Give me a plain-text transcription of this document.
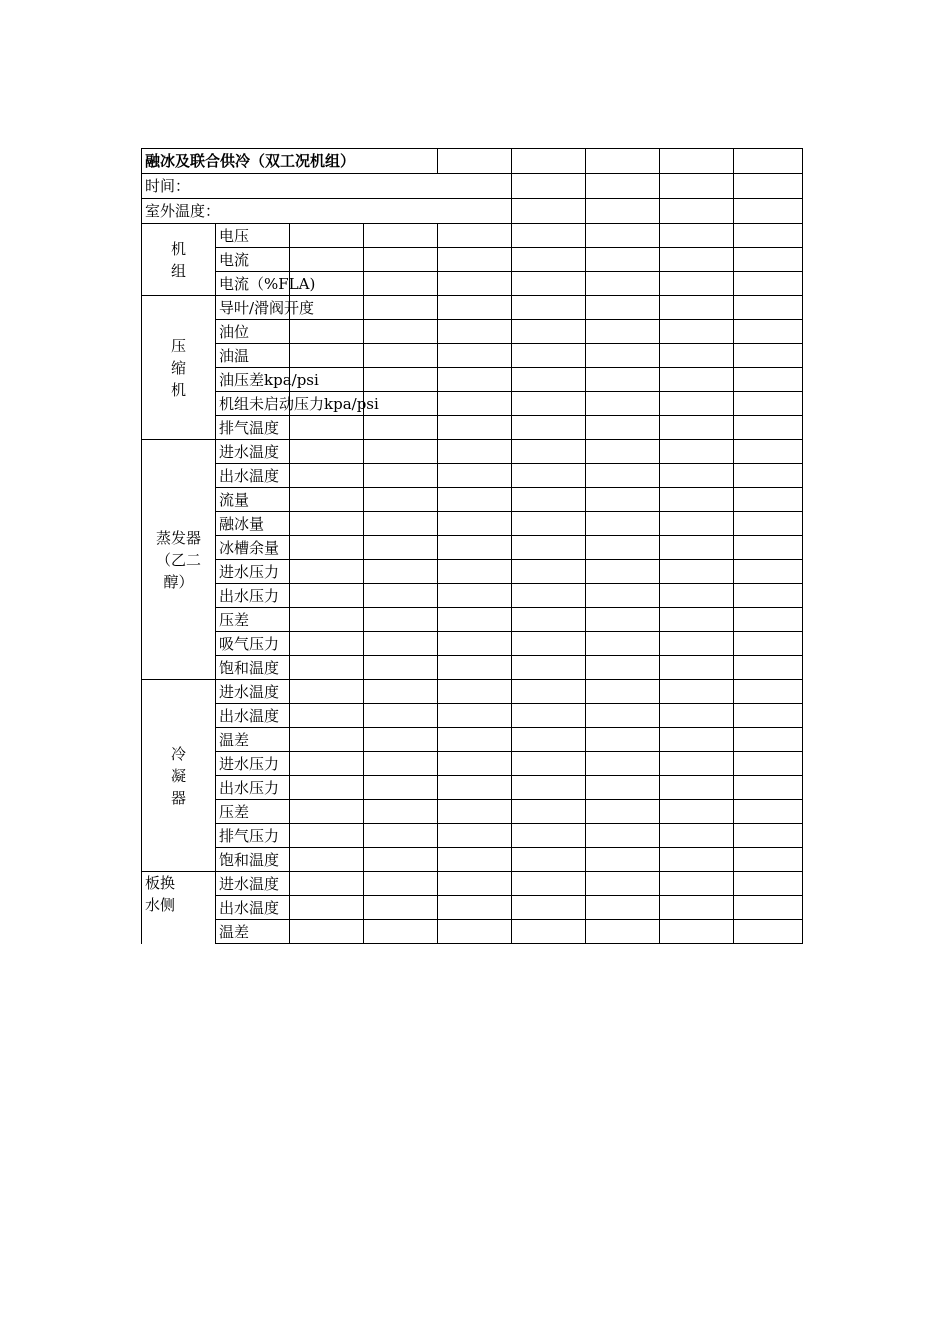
融冰及联合供冷（双工况机组）								
时间：								
室外温度：								

机
组	电压							

	电流							

	电流（%FLA)							

压
缩
机	导叶/滑阀开度							

	油位							

	油温							

	油压差kpa/psi							

	机组未启动压力kpa/psi							

	排气温度							

蒸发器
（乙二
醇）	进水温度							

	出水温度							

	流量							

	融冰量							

	冰槽余量							

	进水压力							

	出水压力							

	压差							

	吸气压力							

	饱和温度							

冷
凝
器	进水温度							

	出水温度							

	温差							

	进水压力							

	出水压力							

	压差							

	排气压力							

	饱和温度							

板换
水侧	进水温度							

	出水温度							

	温差							
